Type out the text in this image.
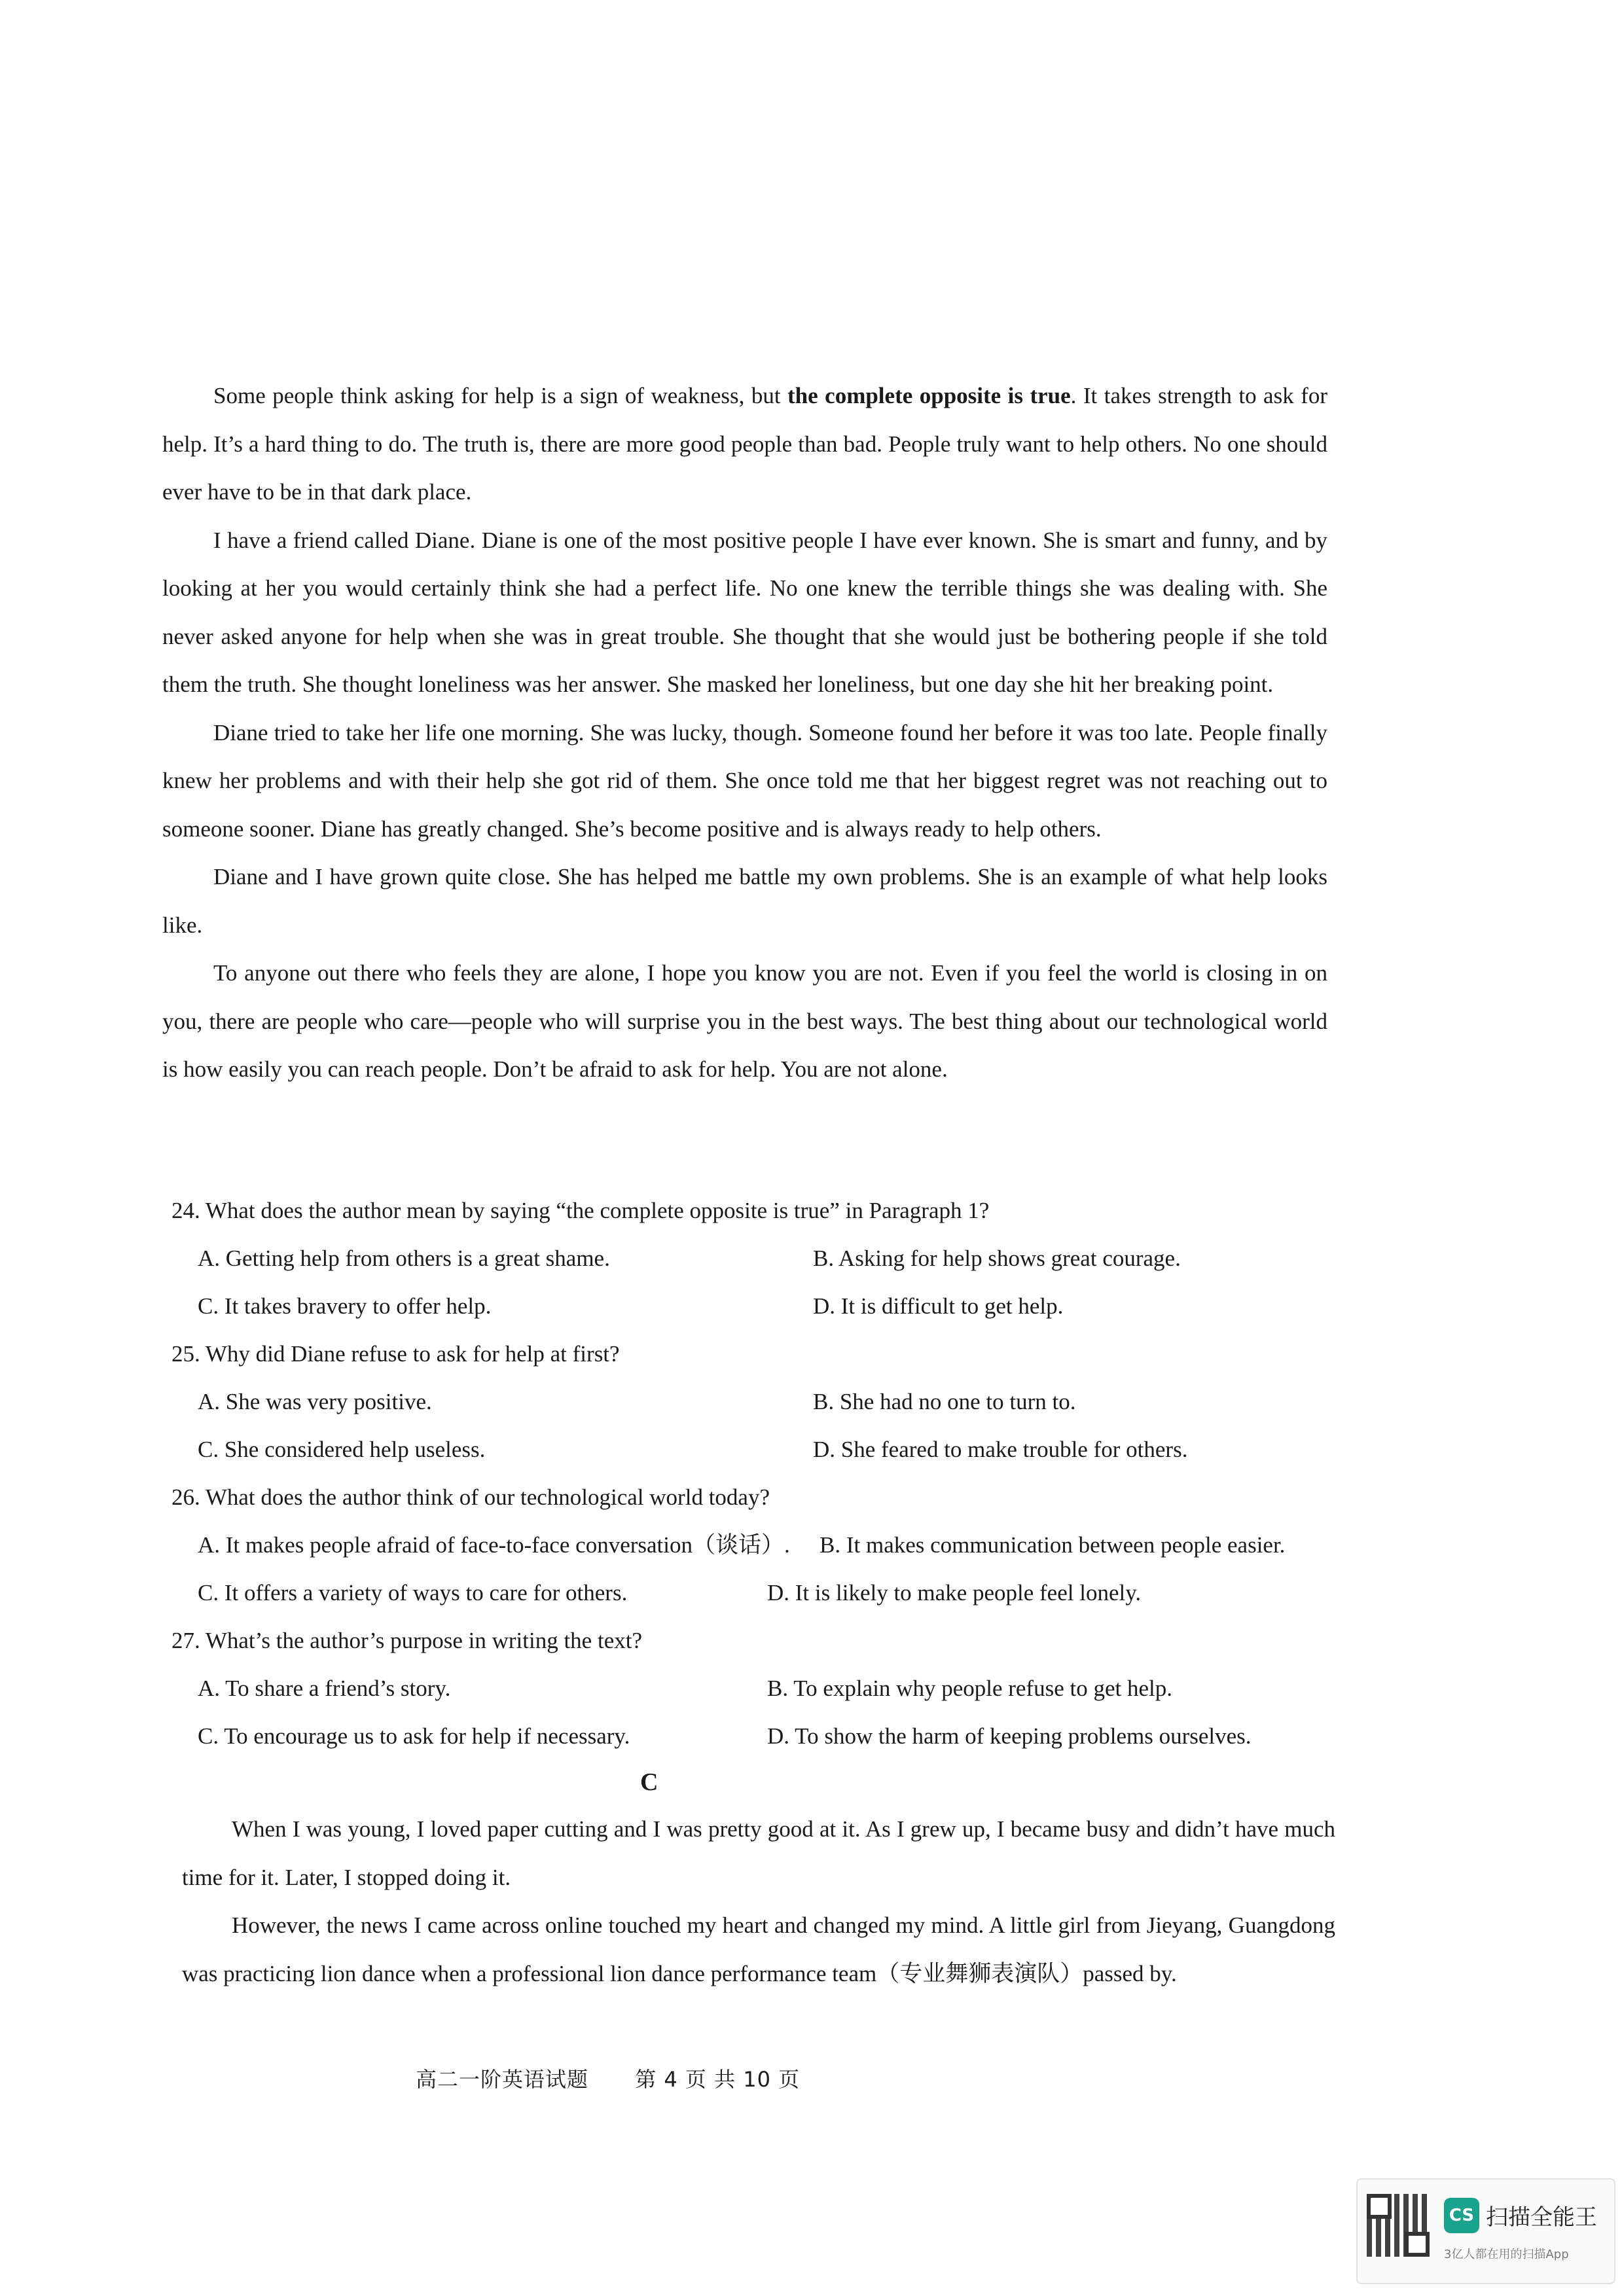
Some people think asking for help is a sign of weakness, but the complete opposite is true. It takes strength to ask for help. It’s a hard thing to do. The truth is, there are more good people than bad. People truly want to help others. No one should ever have to be in that dark place.

I have a friend called Diane. Diane is one of the most positive people I have ever known. She is smart and funny, and by looking at her you would certainly think she had a perfect life. No one knew the terrible things she was dealing with. She never asked anyone for help when she was in great trouble. She thought that she would just be bothering people if she told them the truth. She thought loneliness was her answer. She masked her loneliness, but one day she hit her breaking point.

Diane tried to take her life one morning. She was lucky, though. Someone found her before it was too late. People finally knew her problems and with their help she got rid of them. She once told me that her biggest regret was not reaching out to someone sooner. Diane has greatly changed. She’s become positive and is always ready to help others.

Diane and I have grown quite close. She has helped me battle my own problems. She is an example of what help looks like.

To anyone out there who feels they are alone, I hope you know you are not. Even if you feel the world is closing in on you, there are people who care—people who will surprise you in the best ways. The best thing about our technological world is how easily you can reach people. Don’t be afraid to ask for help. You are not alone.

24. What does the author mean by saying “the complete opposite is true” in Paragraph 1?

A. Getting help from others is a great shame.	B. Asking for help shows great courage.

C. It takes bravery to offer help.	D. It is difficult to get help.

25. Why did Diane refuse to ask for help at first?

A. She was very positive.	B. She had no one to turn to.

C. She considered help useless.	D. She feared to make trouble for others.

26. What does the author think of our technological world today?

A. It makes people afraid of face-to-face conversation（谈话）.	B. It makes communication between people easier.

C. It offers a variety of ways to care for others.	D. It is likely to make people feel lonely.

27. What’s the author’s purpose in writing the text?

A. To share a friend’s story.	B. To explain why people refuse to get help.

C. To encourage us to ask for help if necessary.	D. To show the harm of keeping problems ourselves.

C

When I was young, I loved paper cutting and I was pretty good at it. As I grew up, I became busy and didn’t have much time for it. Later, I stopped doing it.

However, the news I came across online touched my heart and changed my mind. A little girl from Jieyang, Guangdong was practicing lion dance when a professional lion dance performance team（专业舞狮表演队）passed by.

高二一阶英语试题 第 4 页 共 10 页
CS 扫描全能王
3亿人都在用的扫描App
